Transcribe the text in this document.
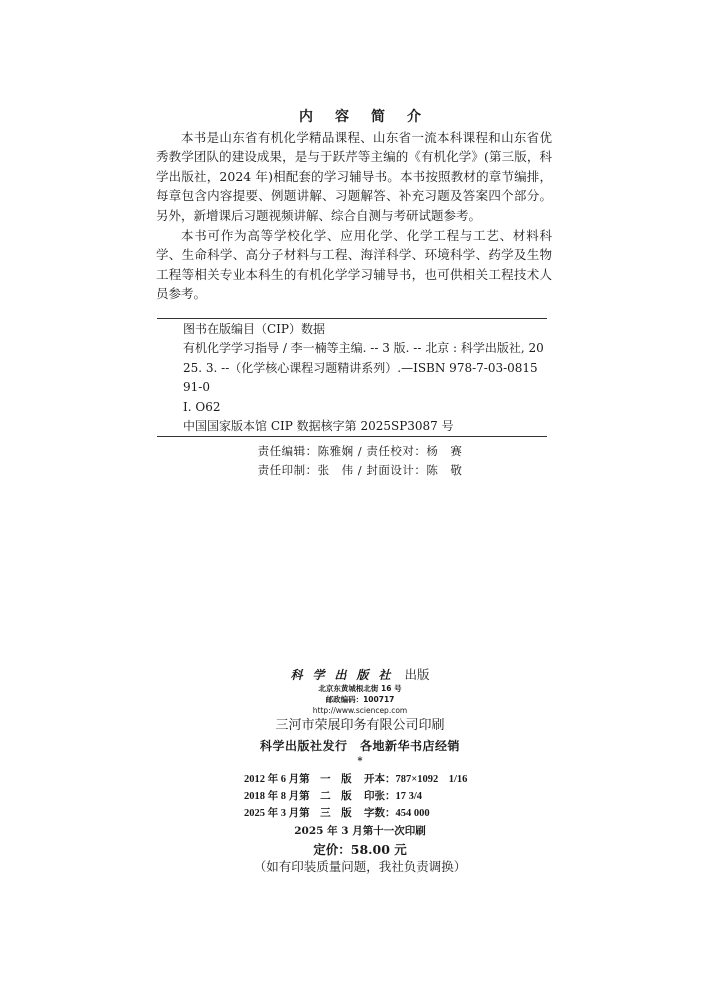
内容简介
本书是山东省有机化学精品课程、山东省一流本科课程和山东省优秀教学团队的建设成果，是与于跃芹等主编的《有机化学》(第三版，科学出版社，2024 年)相配套的学习辅导书。本书按照教材的章节编排，每章包含内容提要、例题讲解、习题解答、补充习题及答案四个部分。另外，新增课后习题视频讲解、综合自测与考研试题参考。
本书可作为高等学校化学、应用化学、化学工程与工艺、材料科学、生命科学、高分子材料与工程、海洋科学、环境科学、药学及生物工程等相关专业本科生的有机化学学习辅导书，也可供相关工程技术人员参考。
图书在版编目（CIP）数据
有机化学学习指导 / 李一楠等主编. -- 3 版. -- 北京 : 科学出版社, 2025. 3. --（化学核心课程习题精讲系列）.—ISBN 978-7-03-081591-0
Ⅰ. O62
中国国家版本馆 CIP 数据核字第 2025SP3087 号
责任编辑：陈雅娴 / 责任校对：杨　赛
责任印制：张　伟 / 封面设计：陈　敬
科学出版社 出版
北京东黄城根北街 16 号
邮政编码：100717
http://www.sciencep.com
三河市荣展印务有限公司印刷
科学出版社发行　各地新华书店经销
*
2012 年 6 月第　一　版 开本：787×1092　1/16
2018 年 8 月第　二　版 印张：17 3/4
2025 年 3 月第　三　版 字数：454 000
2025 年 3 月第十一次印刷
定价：58.00 元
（如有印装质量问题，我社负责调换）
